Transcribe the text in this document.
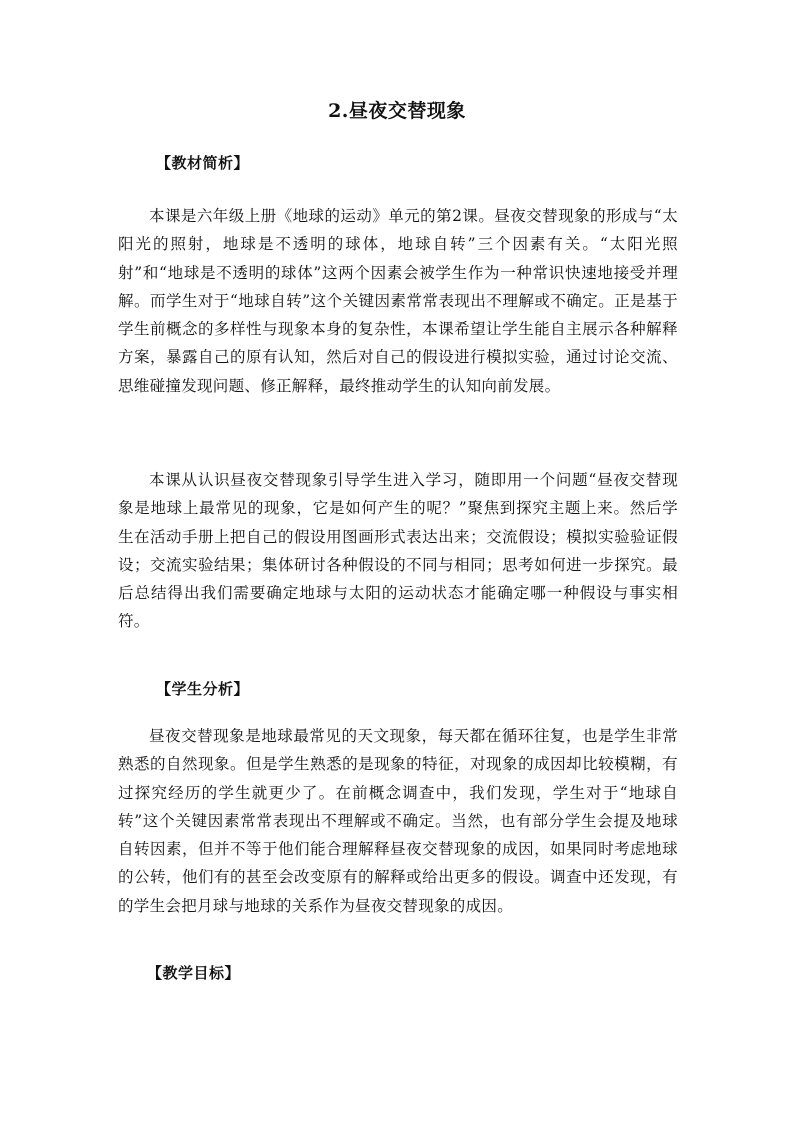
2.昼夜交替现象
【教材简析】

本课是六年级上册《地球的运动》单元的第2课。昼夜交替现象的形成与“太阳光的照射，地球是不透明的球体，地球自转”三个因素有关。“太阳光照射”和“地球是不透明的球体”这两个因素会被学生作为一种常识快速地接受并理解。而学生对于“地球自转”这个关键因素常常表现出不理解或不确定。正是基于学生前概念的多样性与现象本身的复杂性，本课希望让学生能自主展示各种解释方案，暴露自己的原有认知，然后对自己的假设进行模拟实验，通过讨论交流、思维碰撞发现问题、修正解释，最终推动学生的认知向前发展。

本课从认识昼夜交替现象引导学生进入学习，随即用一个问题“昼夜交替现象是地球上最常见的现象，它是如何产生的呢？”聚焦到探究主题上来。然后学生在活动手册上把自己的假设用图画形式表达出来；交流假设；模拟实验验证假设；交流实验结果；集体研讨各种假设的不同与相同；思考如何进一步探究。最后总结得出我们需要确定地球与太阳的运动状态才能确定哪一种假设与事实相符。

【学生分析】

昼夜交替现象是地球最常见的天文现象，每天都在循环往复，也是学生非常熟悉的自然现象。但是学生熟悉的是现象的特征，对现象的成因却比较模糊，有过探究经历的学生就更少了。在前概念调查中，我们发现，学生对于“地球自转”这个关键因素常常表现出不理解或不确定。当然，也有部分学生会提及地球自转因素，但并不等于他们能合理解释昼夜交替现象的成因，如果同时考虑地球的公转，他们有的甚至会改变原有的解释或给出更多的假设。调查中还发现，有的学生会把月球与地球的关系作为昼夜交替现象的成因。

【教学目标】
